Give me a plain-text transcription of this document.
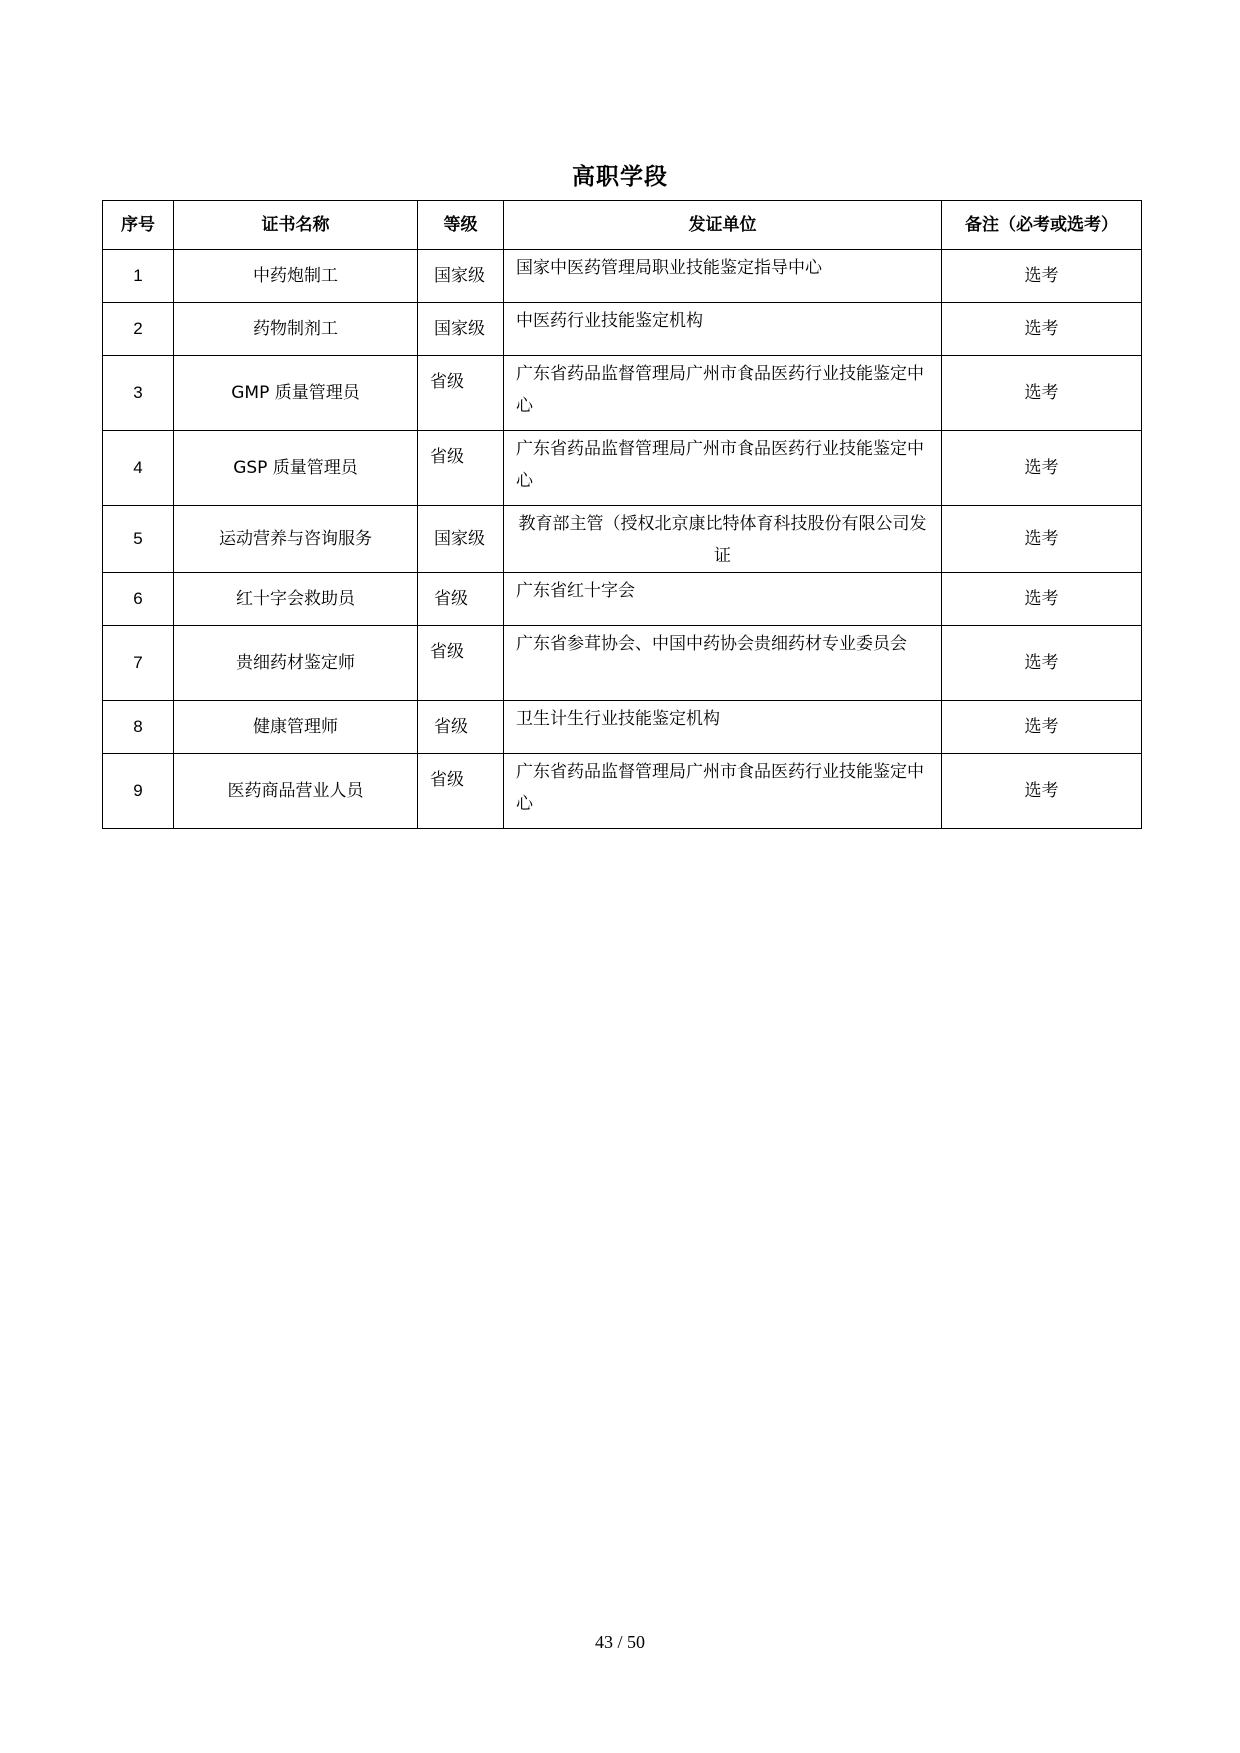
高职学段
序号	证书名称	等级	发证单位	备注（必考或选考）
1	中药炮制工	国家级	国家中医药管理局职业技能鉴定指导中心	选考
2	药物制剂工	国家级	中医药行业技能鉴定机构	选考
3	GMP 质量管理员	省级	广东省药品监督管理局广州市食品医药行业技能鉴定中心	选考
4	GSP 质量管理员	省级	广东省药品监督管理局广州市食品医药行业技能鉴定中心	选考
5	运动营养与咨询服务	国家级	教育部主管（授权北京康比特体育科技股份有限公司发证	选考
6	红十字会救助员	省级	广东省红十字会	选考
7	贵细药材鉴定师	省级	广东省参茸协会、中国中药协会贵细药材专业委员会	选考
8	健康管理师	省级	卫生计生行业技能鉴定机构	选考
9	医药商品营业人员	省级	广东省药品监督管理局广州市食品医药行业技能鉴定中心	选考
43 / 50
